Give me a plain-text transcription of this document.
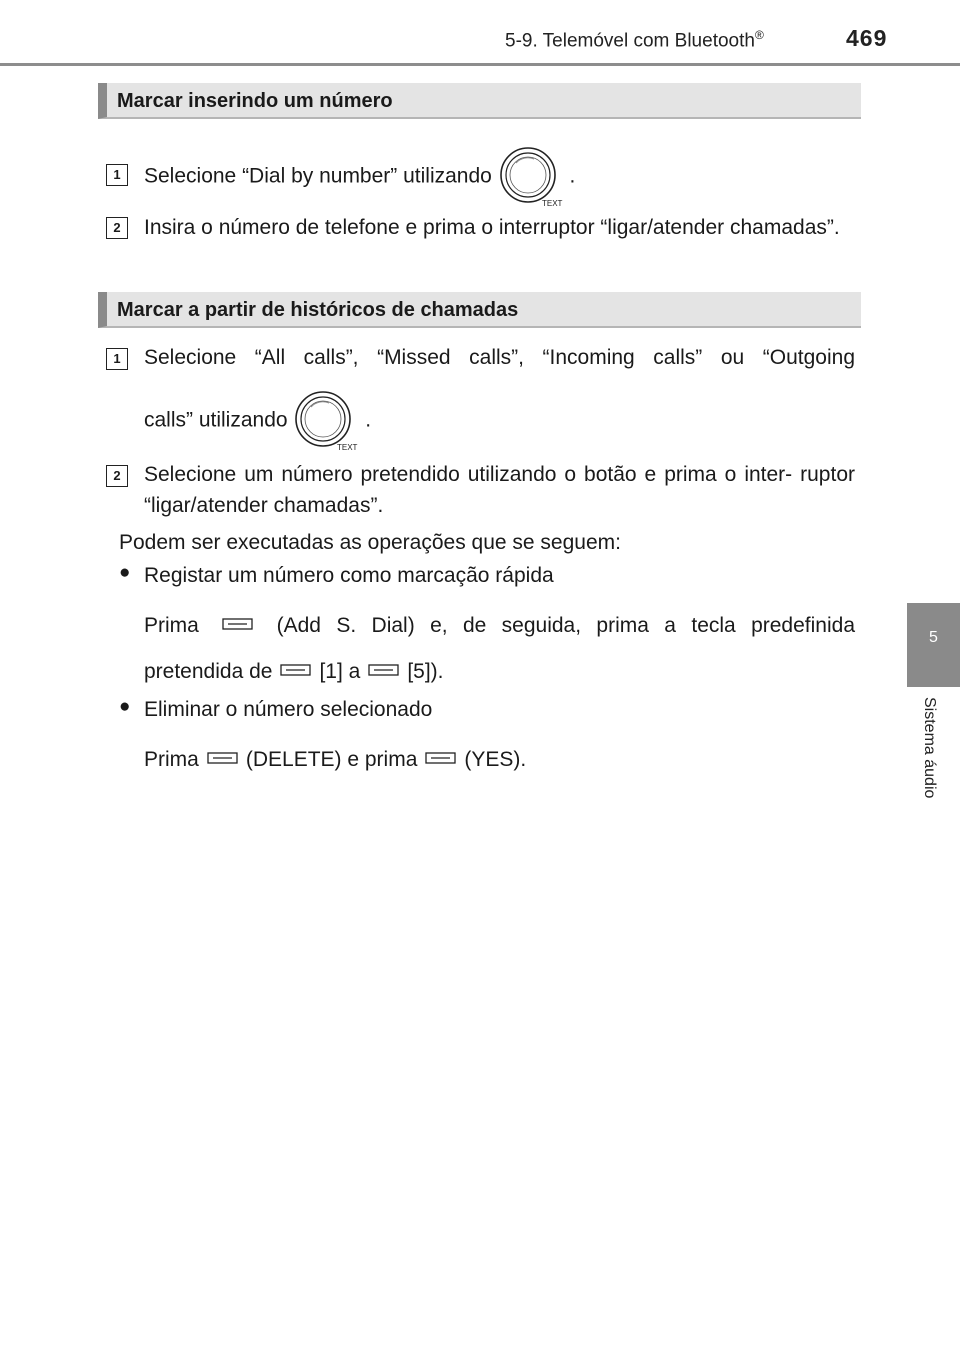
5-9. Telemóvel com Bluetooth®	469
5
Sistema áudio
Marcar inserindo um número
1	Selecione “Dial by number” utilizando
TEXT
.
2	Insira o número de telefone e prima o interruptor “ligar/atender chamadas”.
Marcar a partir de históricos de chamadas
1	Selecione “All calls”, “Missed calls”, “Incoming calls” ou “Outgoing
calls” utilizando
TEXT
.
2	Selecione um número pretendido utilizando o botão e prima o inter- ruptor “ligar/atender chamadas”.
Podem ser executadas as operações que se seguem:
● Registar um número como marcação rápida
Prima	(Add S. Dial) e, de seguida, prima a tecla predefinida
pretendida de [1] a [5]).
● Eliminar o número selecionado
Prima (DELETE) e prima (YES).
